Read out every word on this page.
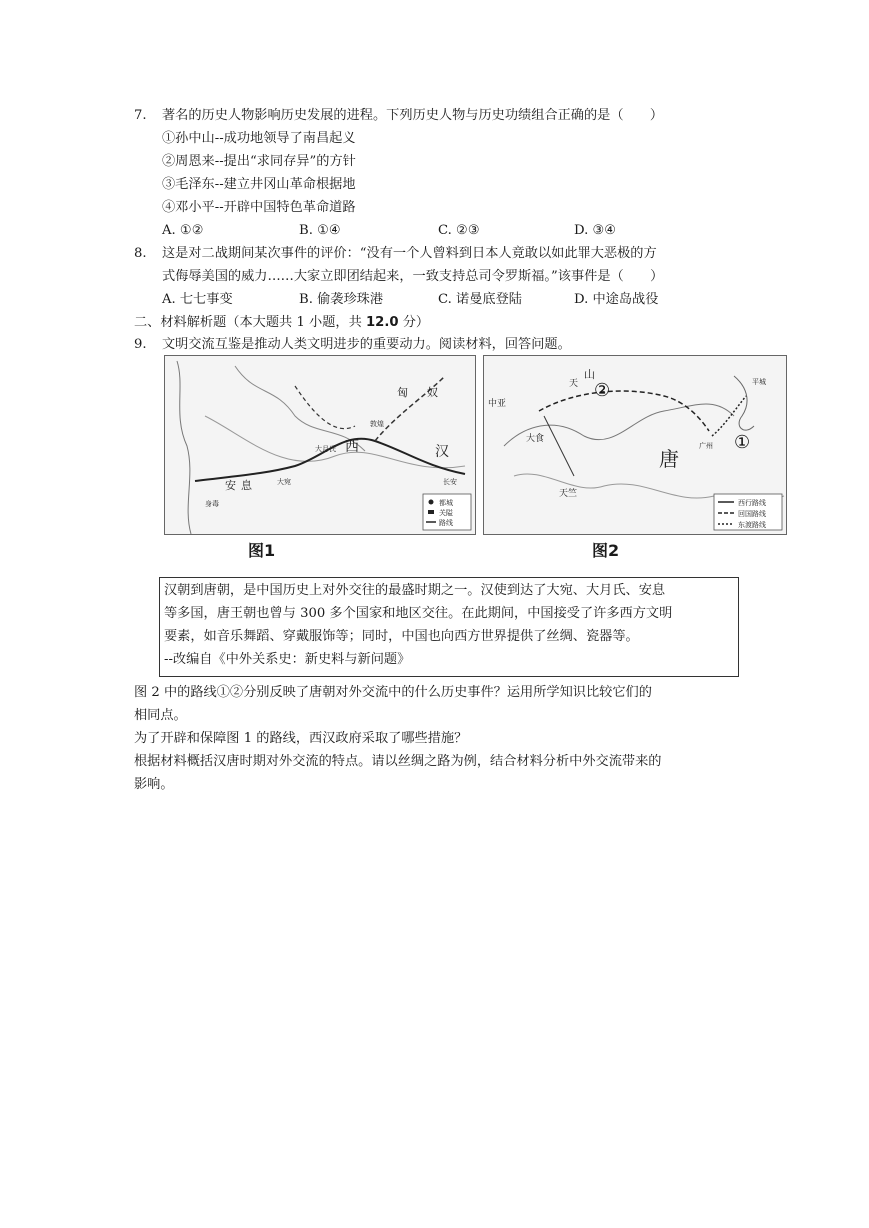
7. 著名的历史人物影响历史发展的进程。下列历史人物与历史功绩组合正确的是（　　）
①孙中山--成功地领导了南昌起义
②周恩来--提出“求同存异”的方针
③毛泽东--建立井冈山革命根据地
④邓小平--开辟中国特色革命道路
A. ①②	B. ①④	C. ②③	D. ③④
8. 这是对二战期间某次事件的评价：“没有一个人曾料到日本人竟敢以如此罪大恶极的方
式侮辱美国的威力……大家立即团结起来，一致支持总司令罗斯福。”该事件是（　　）
A. 七七事变	B. 偷袭珍珠港	C. 诺曼底登陆	D. 中途岛战役
二、材料解析题（本大题共 1 小题，共 12.0 分）
9. 文明交流互鉴是推动人类文明进步的重要动力。阅读材料，回答问题。
匈 奴
西	汉
安 息	大宛
大月氏
长安
敦煌
身毒	都城
关隘
路线
图1
唐
天
山
大食
天竺
中亚
平城
广州
②
①
西行路线
回国路线
东渡路线
图2
汉朝到唐朝，是中国历史上对外交往的最盛时期之一。汉使到达了大宛、大月氏、安息
等多国，唐王朝也曾与 300 多个国家和地区交往。在此期间，中国接受了许多西方文明
要素，如音乐舞蹈、穿戴服饰等；同时，中国也向西方世界提供了丝绸、瓷器等。
--改编自《中外关系史：新史料与新问题》
图 2 中的路线①②分别反映了唐朝对外交流中的什么历史事件？运用所学知识比较它们的
相同点。
为了开辟和保障图 1 的路线，西汉政府采取了哪些措施？
根据材料概括汉唐时期对外交流的特点。请以丝绸之路为例，结合材料分析中外交流带来的
影响。
